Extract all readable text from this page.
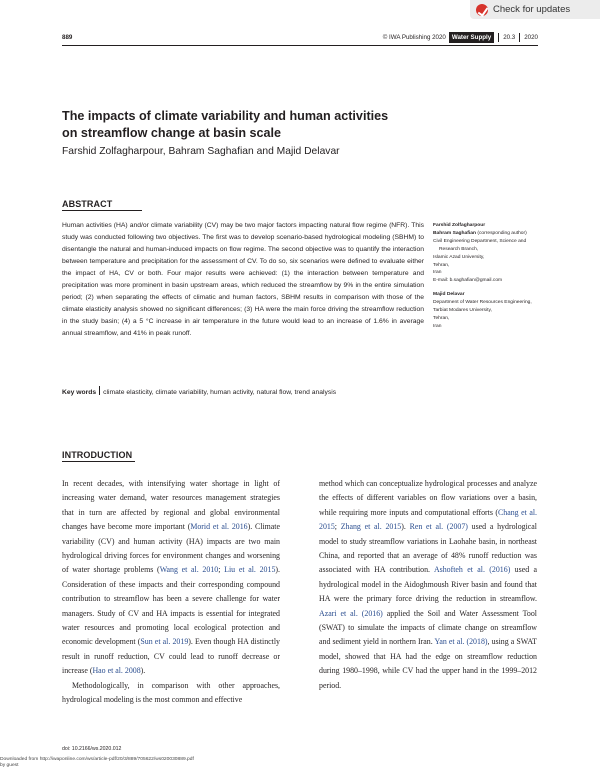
Check for updates
889	© IWA Publishing 2020 Water Supply	20.3 2020
The impacts of climate variability and human activities
on streamflow change at basin scale
Farshid Zolfagharpour, Bahram Saghafian and Majid Delavar
ABSTRACT
Human activities (HA) and/or climate variability (CV) may be two major factors impacting natural flow regime (NFR). This study was conducted following two objectives. The first was to develop scenario-based hydrological modeling (SBHM) to disentangle the natural and human-induced impacts on flow regime. The second objective was to quantify the interaction between temperature and precipitation for the assessment of CV. To do so, six scenarios were defined to evaluate either the impact of HA, CV or both. Four major results were achieved: (1) the interaction between temperature and precipitation was more prominent in basin upstream areas, which reduced the streamflow by 9% in the entire simulation period; (2) when separating the effects of climatic and human factors, SBHM results in comparison with those of the climate elasticity analysis showed no significant differences; (3) HA were the main force driving the streamflow reduction in the study basin; (4) a 5 °C increase in air temperature in the future would lead to an increase of 1.6% in average annual streamflow, and 41% in peak runoff.
Key words climate elasticity, climate variability, human activity, natural flow, trend analysis
Farshid Zolfagharpour
Bahram Saghafian (corresponding author)
Civil Engineering Department, Science and
Research Branch,
Islamic Azad University,
Tehran,
Iran
E-mail: b.saghafian@gmail.com
Majid Delavar
Department of Water Resources Engineering,
Tarbiat Modares University,
Tehran,
Iran
INTRODUCTION

In recent decades, with intensifying water shortage in light of increasing water demand, water resources management strategies that in turn are affected by regional and global environmental changes have become more important (Morid et al. 2016). Climate variability (CV) and human activity (HA) impacts are two main hydrological driving forces for environment changes and worsening of water shortage problems (Wang et al. 2010; Liu et al. 2015). Consideration of these impacts and their corresponding compound contribution to streamflow has been a severe challenge for water managers. Study of CV and HA impacts is essential for integrated water resources and promoting local ecological protection and economic development (Sun et al. 2019). Even though HA distinctly result in runoff reduction, CV could lead to runoff decrease or increase (Hao et al. 2008).

Methodologically, in comparison with other approaches, hydrological modeling is the most common and effective

method which can conceptualize hydrological processes and analyze the effects of different variables on flow variations over a basin, while requiring more inputs and computational efforts (Chang et al. 2015; Zhang et al. 2015). Ren et al. (2007) used a hydrological model to study streamflow variations in Laohahe basin, in northeast China, and reported that an average of 48% runoff reduction was associated with HA contribution. Ashofteh et al. (2016) used a hydrological model in the Aidoghmoush River basin and found that HA were the primary force driving the reduction in streamflow. Azari et al. (2016) applied the Soil and Water Assessment Tool (SWAT) to simulate the impacts of climate change on streamflow and sediment yield in northern Iran. Yan et al. (2018), using a SWAT model, showed that HA had the edge on streamflow reduction during 1980–1998, while CV had the upper hand in the 1999–2012 period.

doi: 10.2166/ws.2020.012
Downloaded from http://iwaponline.com/ws/article-pdf/20/3/889/705622/ws020030889.pdf
by guest
